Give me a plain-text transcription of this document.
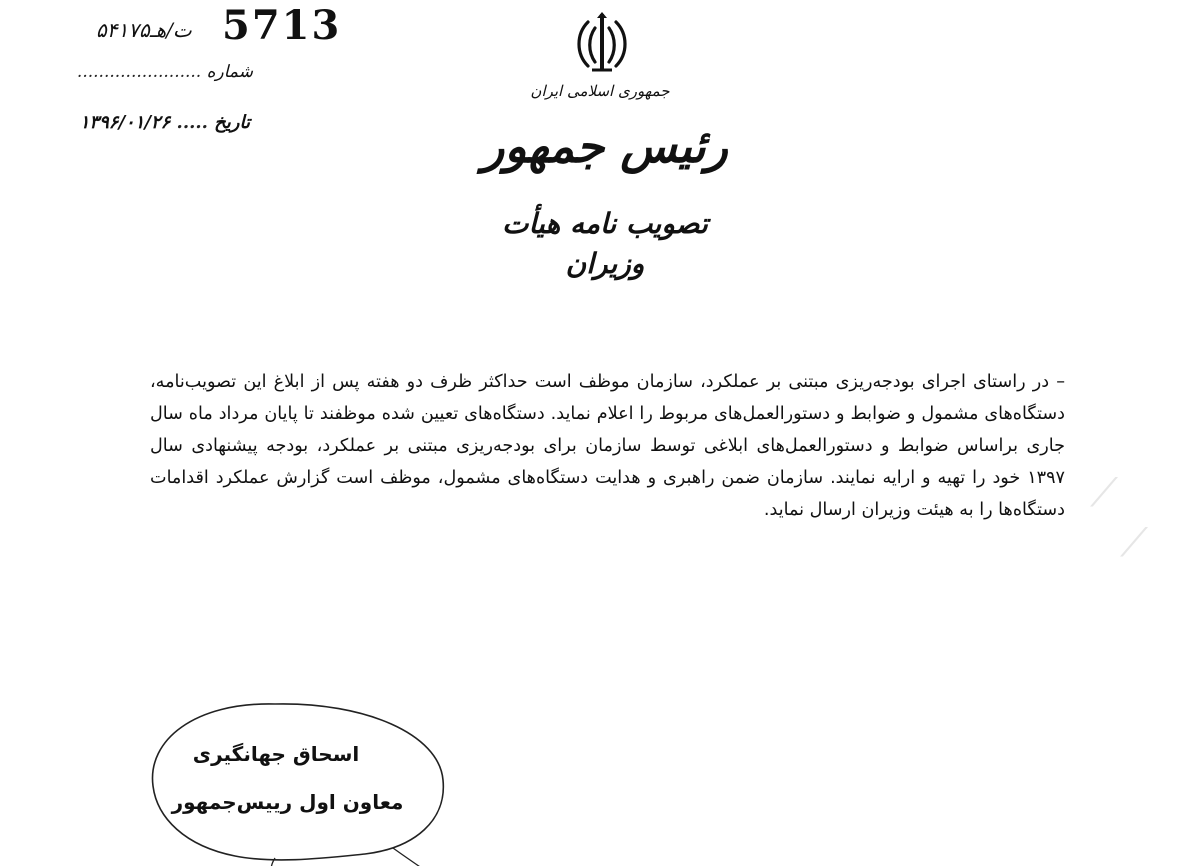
5713
۵۴۱۷۵ت/هـ
شماره .......................
تاریخ ..... ۱۳۹۶/۰۱/۲۶
جمهوری اسلامی ایران
رئیس جمهور
تصویب نامه هیأت وزیران
– در راستای اجرای بودجه‌ریزی مبتنی بر عملکرد، سازمان موظف است حداکثر ظرف دو هفته پس از ابلاغ این تصویب‌نامه، دستگاه‌های مشمول و ضوابط و دستورالعمل‌های مربوط را اعلام نماید. دستگاه‌های تعیین شده موظفند تا پایان مرداد ماه سال جاری براساس ضوابط و دستورالعمل‌های ابلاغی توسط سازمان برای بودجه‌ریزی مبتنی بر عملکرد، بودجه پیشنهادی سال ۱۳۹۷ خود را تهیه و ارایه نمایند. سازمان ضمن راهبری و هدایت دستگاه‌های مشمول، موظف است گزارش عملکرد اقدامات دستگاه‌ها را به هیئت وزیران ارسال نماید.
اسحاق جهانگیری
معاون اول رییس‌جمهور
⟋
⟋
